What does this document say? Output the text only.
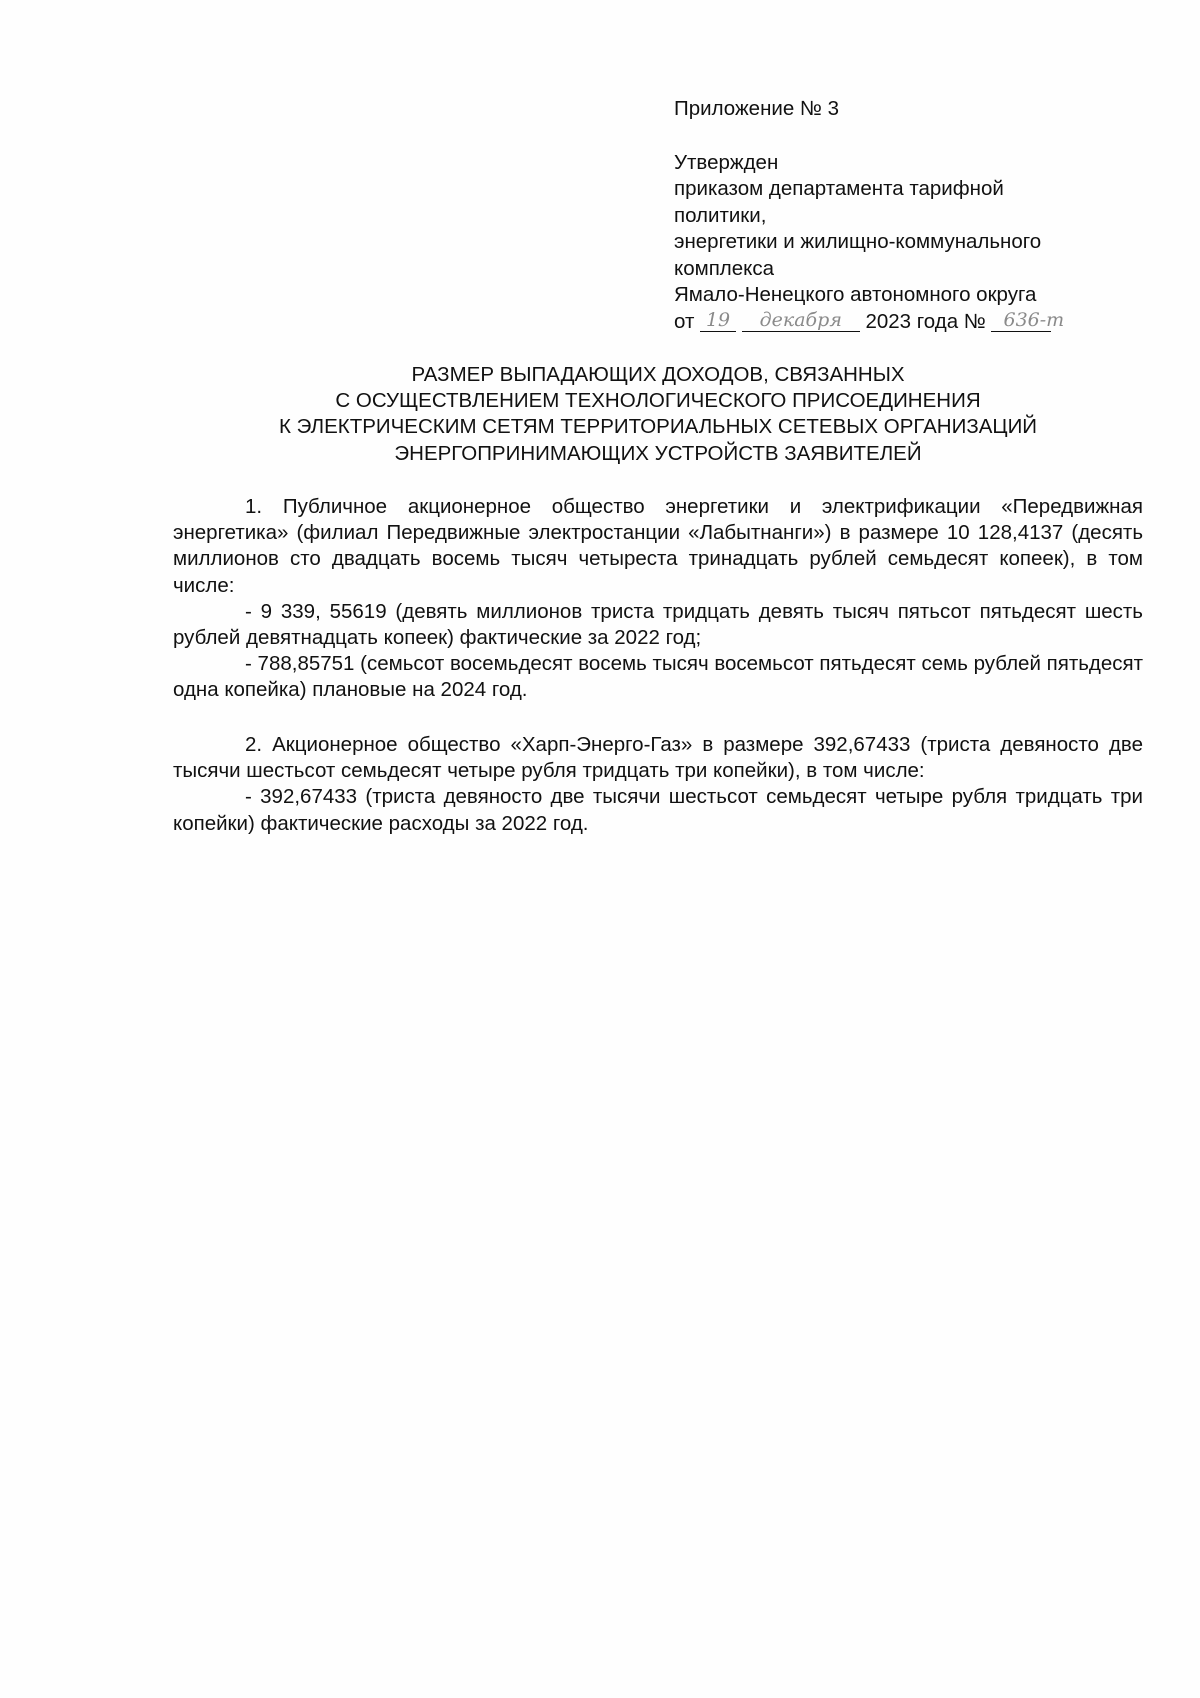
Приложение № 3
Утвержден
приказом департамента тарифной
политики,
энергетики и жилищно-коммунального
комплекса
Ямало-Ненецкого автономного округа
от 19
	декабря	2023 года № 636-т
РАЗМЕР ВЫПАДАЮЩИХ ДОХОДОВ, СВЯЗАННЫХ
С ОСУЩЕСТВЛЕНИЕМ ТЕХНОЛОГИЧЕСКОГО ПРИСОЕДИНЕНИЯ
К ЭЛЕКТРИЧЕСКИМ СЕТЯМ ТЕРРИТОРИАЛЬНЫХ СЕТЕВЫХ ОРГАНИЗАЦИЙ
ЭНЕРГОПРИНИМАЮЩИХ УСТРОЙСТВ ЗАЯВИТЕЛЕЙ

1. Публичное акционерное общество энергетики и электрификации «Передвижная энергетика» (филиал Передвижные электростанции «Лабытнанги») в размере 10 128,4137 (десять миллионов сто двадцать восемь тысяч четыреста тринадцать рублей семьдесят копеек), в том числе:

- 9 339, 55619 (девять миллионов триста тридцать девять тысяч пятьсот пятьдесят шесть рублей девятнадцать копеек) фактические за 2022 год;

- 788,85751 (семьсот восемьдесят восемь тысяч восемьсот пятьдесят семь рублей пятьдесят одна копейка) плановые на 2024 год.

2. Акционерное общество «Харп-Энерго-Газ» в размере 392,67433 (триста девяносто две тысячи шестьсот семьдесят четыре рубля тридцать три копейки), в том числе:

- 392,67433 (триста девяносто две тысячи шестьсот семьдесят четыре рубля тридцать три копейки) фактические расходы за 2022 год.
